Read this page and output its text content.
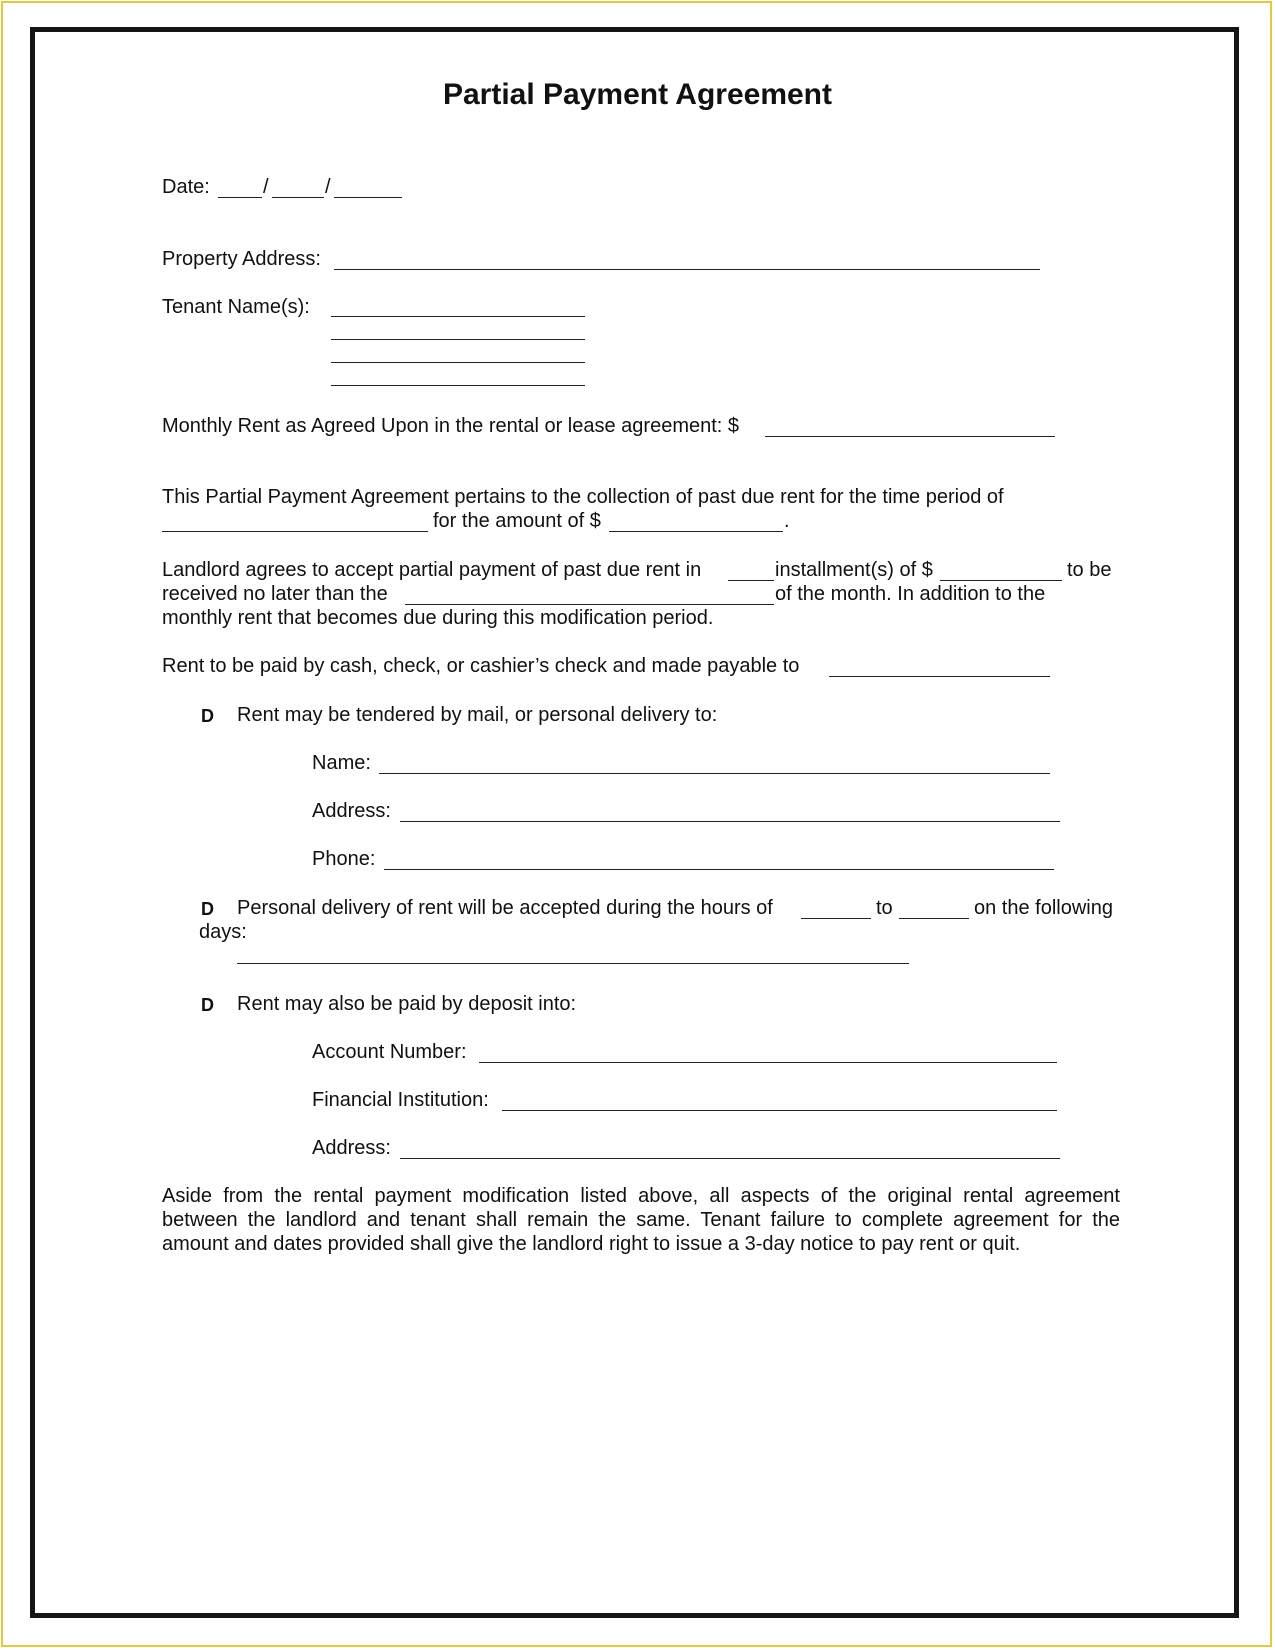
Partial Payment Agreement
Date:	/	/
Property Address:
Tenant Name(s):
Monthly Rent as Agreed Upon in the rental or lease agreement: $
This Partial Payment Agreement pertains to the collection of past due rent for the time period of
for the amount of $	.
Landlord agrees to accept partial payment of past due rent in	installment(s) of $	to be
received no later than the	of the month. In addition to the
monthly rent that becomes due during this modification period.
Rent to be paid by cash, check, or cashier’s check and made payable to
D Rent may be tendered by mail, or personal delivery to:
Name:
Address:
Phone:
D Personal delivery of rent will be accepted during the hours of	to	on the following
days:
D Rent may also be paid by deposit into:
Account Number:
Financial Institution:
Address:
Aside from the rental payment modification listed above, all aspects of the original rental agreement between the landlord and tenant shall remain the same. Tenant failure to complete agreement for the amount and dates provided shall give the landlord right to issue a 3-day notice to pay rent or quit.
